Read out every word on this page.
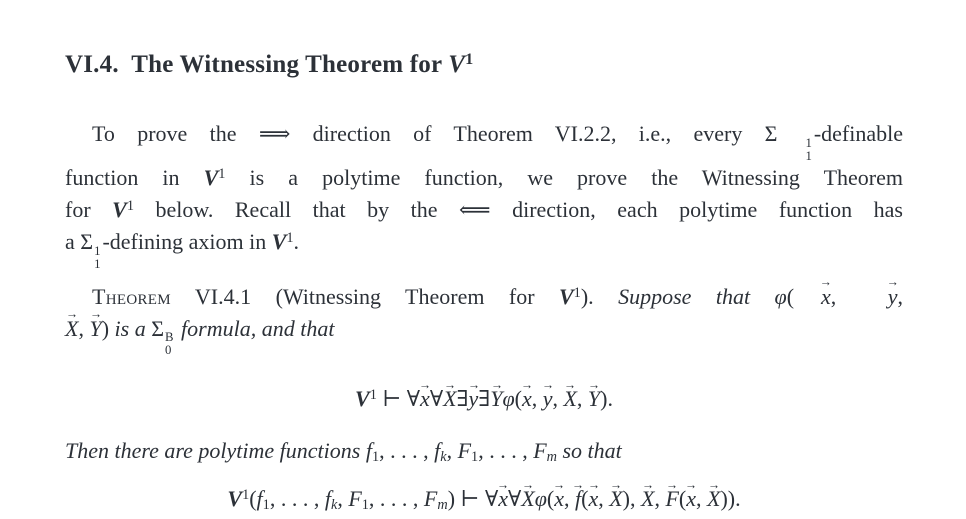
VI.4.  The Witnessing Theorem for $V^1$
To prove the ⟹ direction of Theorem VI.2.2, i.e., every Σ	1
1
-definable
function in $V^1$ is a polytime function, we prove the Witnessing Theorem
for $V^1$ below. Recall that by the ⟸ direction, each polytime function has
a Σ 1
1
-defining axiom in $V^1$.
Theorem VI.4.1 (Witnessing Theorem for $V^1$). Suppose that φ( x →, y →,
X →, Y →) is a Σ B
0
formula, and that
$V^1$ ⊢ ∀x →∀X →∃y →∃Y →φ(x →, y →, X →, Y →).
Then there are polytime functions $f_1$, . . . , $f_k$, $F_1$, . . . , $F_m$ so that
$V^1(f_1$, . . . , $f_k$, $F_1$, . . . , $F_m$) ⊢ ∀x →∀X →φ(x →, f →(x →, X →), X →, F →(x →, X →)).
